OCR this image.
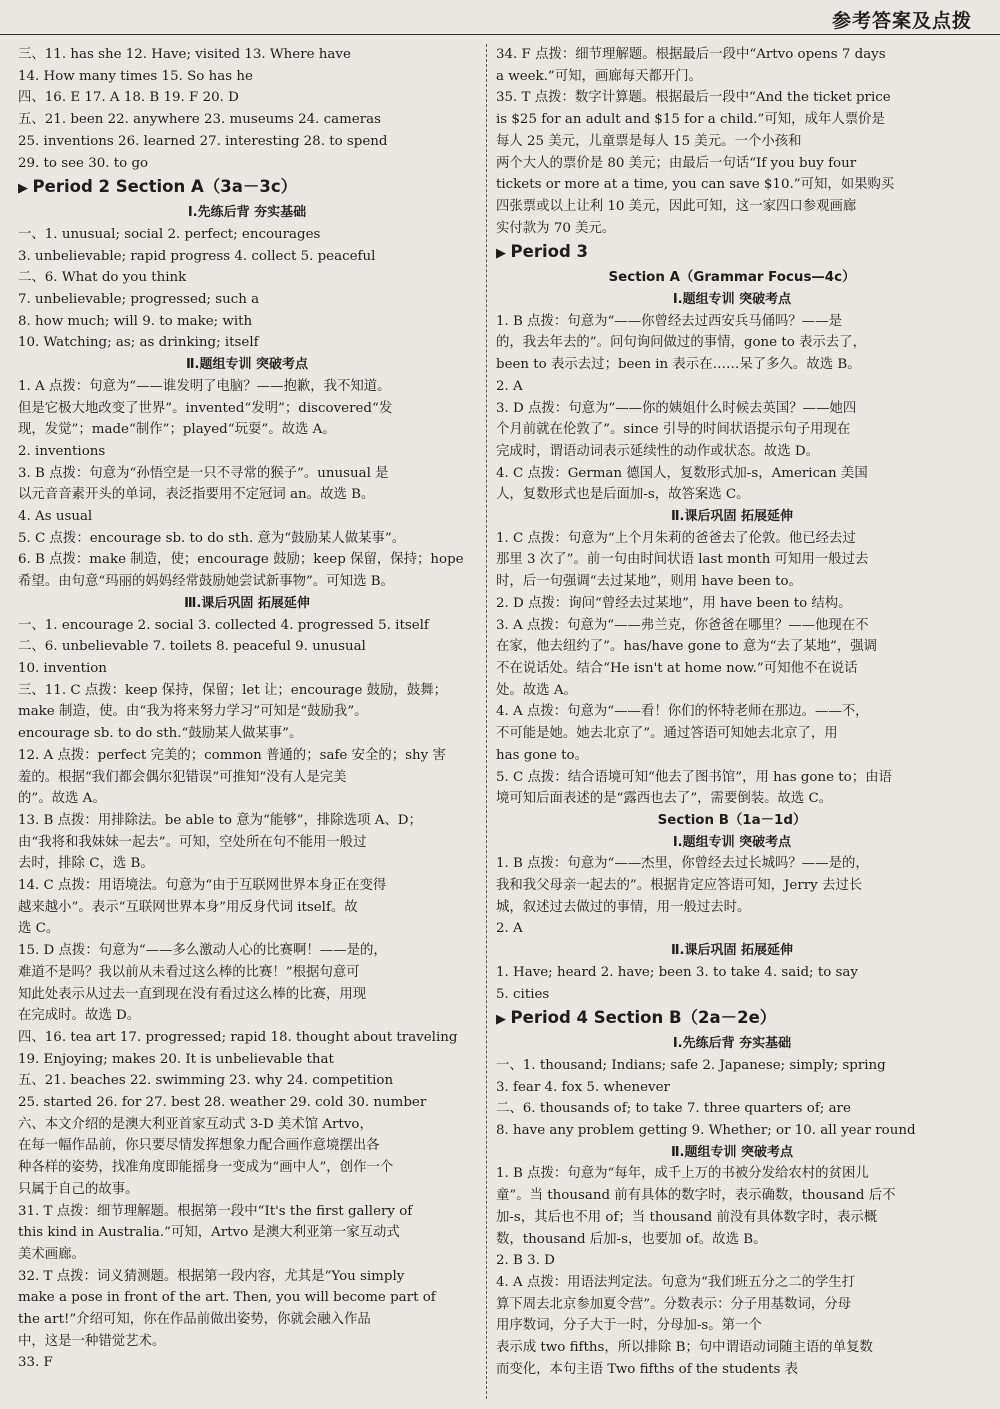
参考答案及点拨
三、11. has she 12. Have; visited 13. Where have
14. How many times 15. So has he
四、16. E 17. A 18. B 19. F 20. D
五、21. been 22. anywhere 23. museums 24. cameras
25. inventions 26. learned 27. interesting 28. to spend
29. to see 30. to go
▶ Period 2 Section A（3a－3c）
Ⅰ.先练后背 夯实基础
一、1. unusual; social 2. perfect; encourages
3. unbelievable; rapid progress 4. collect 5. peaceful
二、6. What do you think
7. unbelievable; progressed; such a
8. how much; will 9. to make; with
10. Watching; as; as drinking; itself
Ⅱ.题组专训 突破考点
1. A 点拨：句意为“——谁发明了电脑？——抱歉，我不知道。
但是它极大地改变了世界”。invented“发明”；discovered“发
现，发觉”；made“制作”；played“玩耍”。故选 A。
2. inventions
3. B 点拨：句意为“孙悟空是一只不寻常的猴子”。unusual 是
以元音音素开头的单词，表泛指要用不定冠词 an。故选 B。
4. As usual
5. C 点拨：encourage sb. to do sth. 意为“鼓励某人做某事”。
6. B 点拨：make 制造，使；encourage 鼓励；keep 保留，保持；hope
希望。由句意“玛丽的妈妈经常鼓励她尝试新事物”。可知选 B。
Ⅲ.课后巩固 拓展延伸
一、1. encourage 2. social 3. collected 4. progressed 5. itself
二、6. unbelievable 7. toilets 8. peaceful 9. unusual
10. invention
三、11. C 点拨：keep 保持，保留；let 让；encourage 鼓励，鼓舞；
make 制造，使。由“我为将来努力学习”可知是“鼓励我”。
encourage sb. to do sth.“鼓励某人做某事”。
12. A 点拨：perfect 完美的；common 普通的；safe 安全的；shy 害
羞的。根据“我们都会偶尔犯错误”可推知“没有人是完美
的”。故选 A。
13. B 点拨：用排除法。be able to 意为“能够”，排除选项 A、D；
由“我将和我妹妹一起去”。可知，空处所在句不能用一般过
去时，排除 C，选 B。
14. C 点拨：用语境法。句意为“由于互联网世界本身正在变得
越来越小”。表示“互联网世界本身”用反身代词 itself。故
选 C。
15. D 点拨：句意为“——多么激动人心的比赛啊！——是的，
难道不是吗？我以前从未看过这么棒的比赛！”根据句意可
知此处表示从过去一直到现在没有看过这么棒的比赛，用现
在完成时。故选 D。
四、16. tea art 17. progressed; rapid 18. thought about traveling
19. Enjoying; makes 20. It is unbelievable that
五、21. beaches 22. swimming 23. why 24. competition
25. started 26. for 27. best 28. weather 29. cold 30. number
六、本文介绍的是澳大利亚首家互动式 3-D 美术馆 Artvo，
在每一幅作品前，你只要尽情发挥想象力配合画作意境摆出各
种各样的姿势，找准角度即能摇身一变成为“画中人”，创作一个
只属于自己的故事。
31. T 点拨：细节理解题。根据第一段中“It's the first gallery of
this kind in Australia.”可知，Artvo 是澳大利亚第一家互动式
美术画廊。
32. T 点拨：词义猜测题。根据第一段内容，尤其是“You simply
make a pose in front of the art. Then, you will become part of
the art!”介绍可知，你在作品前做出姿势，你就会融入作品
中，这是一种错觉艺术。
33. F
34. F 点拨：细节理解题。根据最后一段中“Artvo opens 7 days
a week.”可知，画廊每天都开门。
35. T 点拨：数字计算题。根据最后一段中“And the ticket price
is $25 for an adult and $15 for a child.”可知，成年人票价是
每人 25 美元，儿童票是每人 15 美元。一个小孩和
两个大人的票价是 80 美元；由最后一句话“If you buy four
tickets or more at a time, you can save $10.”可知，如果购买
四张票或以上让利 10 美元，因此可知，这一家四口参观画廊
实付款为 70 美元。
▶ Period 3
Section A（Grammar Focus—4c）
Ⅰ.题组专训 突破考点
1. B 点拨：句意为“——你曾经去过西安兵马俑吗？——是
的，我去年去的”。问句询问做过的事情，gone to 表示去了，
been to 表示去过；been in 表示在……呆了多久。故选 B。
2. A
3. D 点拨：句意为“——你的姨姐什么时候去英国？——她四
个月前就在伦敦了”。since 引导的时间状语提示句子用现在
完成时，谓语动词表示延续性的动作或状态。故选 D。
4. C 点拨：German 德国人，复数形式加-s，American 美国
人，复数形式也是后面加-s，故答案选 C。
Ⅱ.课后巩固 拓展延伸
1. C 点拨：句意为“上个月朱莉的爸爸去了伦敦。他已经去过
那里 3 次了”。前一句由时间状语 last month 可知用一般过去
时，后一句强调“去过某地”，则用 have been to。
2. D 点拨：询问“曾经去过某地”，用 have been to 结构。
3. A 点拨：句意为“——弗兰克，你爸爸在哪里？——他现在不
在家，他去纽约了”。has/have gone to 意为“去了某地”，强调
不在说话处。结合“He isn't at home now.”可知他不在说话
处。故选 A。
4. A 点拨：句意为“——看！你们的怀特老师在那边。——不，
不可能是她。她去北京了”。通过答语可知她去北京了，用
has gone to。
5. C 点拨：结合语境可知“他去了图书馆”，用 has gone to；由语
境可知后面表述的是“露西也去了”，需要倒装。故选 C。
Section B（1a－1d）
Ⅰ.题组专训 突破考点
1. B 点拨：句意为“——杰里，你曾经去过长城吗？——是的，
我和我父母亲一起去的”。根据肯定应答语可知，Jerry 去过长
城，叙述过去做过的事情，用一般过去时。
2. A
Ⅱ.课后巩固 拓展延伸
1. Have; heard 2. have; been 3. to take 4. said; to say
5. cities
▶ Period 4 Section B（2a－2e）
Ⅰ.先练后背 夯实基础
一、1. thousand; Indians; safe 2. Japanese; simply; spring
3. fear 4. fox 5. whenever
二、6. thousands of; to take 7. three quarters of; are
8. have any problem getting 9. Whether; or 10. all year round
Ⅱ.题组专训 突破考点
1. B 点拨：句意为“每年，成千上万的书被分发给农村的贫困儿
童”。当 thousand 前有具体的数字时，表示确数，thousand 后不
加-s，其后也不用 of；当 thousand 前没有具体数字时，表示概
数，thousand 后加-s，也要加 of。故选 B。
2. B 3. D
4. A 点拨：用语法判定法。句意为“我们班五分之二的学生打
算下周去北京参加夏令营”。分数表示：分子用基数词，分母
用序数词，分子大于一时，分母加-s。第一个
表示成 two fifths，所以排除 B；句中谓语动词随主语的单复数
而变化，本句主语 Two fifths of the students 表
